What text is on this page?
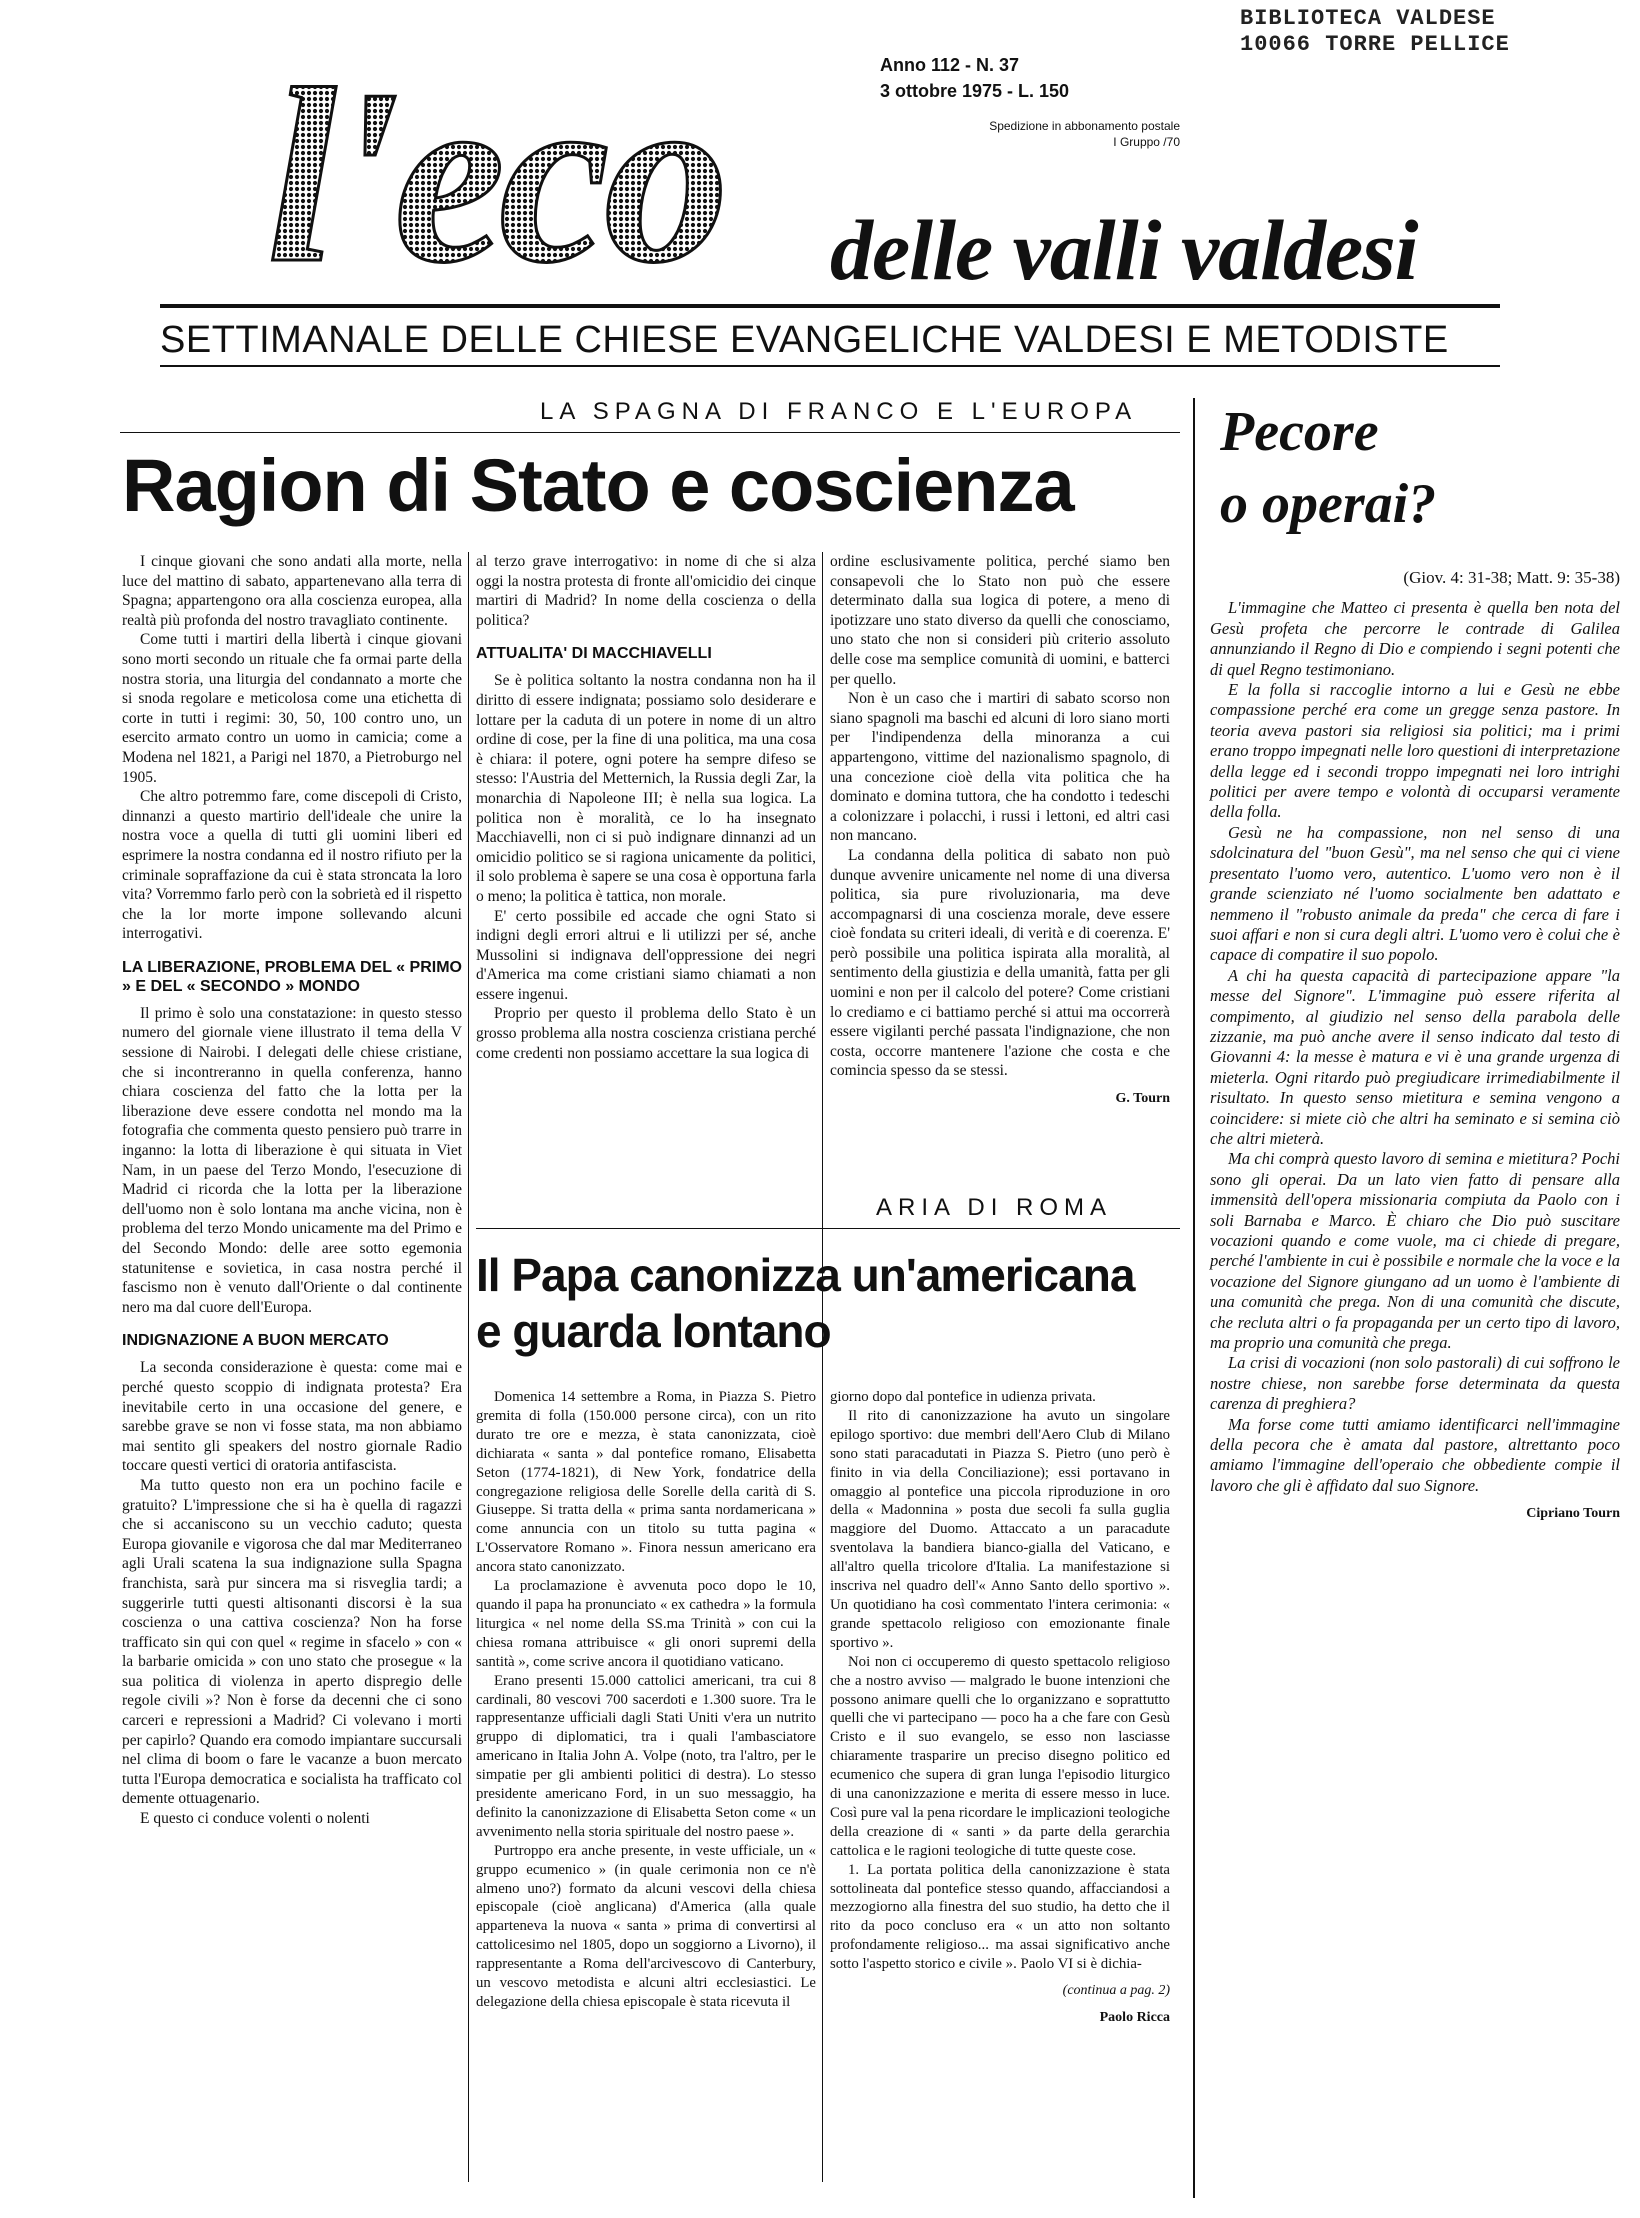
BIBLIOTECA VALDESE
10066 TORRE PELLICE
l'eco	Anno 112 - N. 37
3 ottobre 1975 - L. 150
Spedizione in abbonamento postale
I Gruppo /70
delle valli valdesi
SETTIMANALE DELLE CHIESE EVANGELICHE VALDESI E METODISTE
LA SPAGNA DI FRANCO E L'EUROPA
Ragion di Stato e coscienza

I cinque giovani che sono andati alla morte, nella luce del mattino di sabato, appartenevano alla terra di Spagna; appartengono ora alla coscienza europea, alla realtà più profonda del nostro travagliato continente.

Come tutti i martiri della libertà i cinque giovani sono morti secondo un rituale che fa ormai parte della nostra storia, una liturgia del condannato a morte che si snoda regolare e meticolosa come una etichetta di corte in tutti i regimi: 30, 50, 100 contro uno, un esercito armato contro un uomo in camicia; come a Modena nel 1821, a Parigi nel 1870, a Pietroburgo nel 1905.

Che altro potremmo fare, come discepoli di Cristo, dinnanzi a questo martirio dell'ideale che unire la nostra voce a quella di tutti gli uomini liberi ed esprimere la nostra condanna ed il nostro rifiuto per la criminale sopraffazione da cui è stata stroncata la loro vita? Vorremmo farlo però con la sobrietà ed il rispetto che la lor morte impone sollevando alcuni interrogativi.

LA LIBERAZIONE, PROBLEMA DEL « PRIMO » E DEL « SECONDO » MONDO

Il primo è solo una constatazione: in questo stesso numero del giornale viene illustrato il tema della V sessione di Nairobi. I delegati delle chiese cristiane, che si incontreranno in quella conferenza, hanno chiara coscienza del fatto che la lotta per la liberazione deve essere condotta nel mondo ma la fotografia che commenta questo pensiero può trarre in inganno: la lotta di liberazione è qui situata in Viet Nam, in un paese del Terzo Mondo, l'esecuzione di Madrid ci ricorda che la lotta per la liberazione dell'uomo non è solo lontana ma anche vicina, non è problema del terzo Mondo unicamente ma del Primo e del Secondo Mondo: delle aree sotto egemonia statunitense e sovietica, in casa nostra perché il fascismo non è venuto dall'Oriente o dal continente nero ma dal cuore dell'Europa.

INDIGNAZIONE A BUON MERCATO

La seconda considerazione è questa: come mai e perché questo scoppio di indignata protesta? Era inevitabile certo in una occasione del genere, e sarebbe grave se non vi fosse stata, ma non abbiamo mai sentito gli speakers del nostro giornale Radio toccare questi vertici di oratoria antifascista.

Ma tutto questo non era un pochino facile e gratuito? L'impressione che si ha è quella di ragazzi che si accaniscono su un vecchio caduto; questa Europa giovanile e vigorosa che dal mar Mediterraneo agli Urali scatena la sua indignazione sulla Spagna franchista, sarà pur sincera ma si risveglia tardi; a suggerirle tutti questi altisonanti discorsi è la sua coscienza o una cattiva coscienza? Non ha forse trafficato sin qui con quel « regime in sfacelo » con « la barbarie omicida » con uno stato che prosegue « la sua politica di violenza in aperto dispregio delle regole civili »? Non è forse da decenni che ci sono carceri e repressioni a Madrid? Ci volevano i morti per capirlo? Quando era comodo impiantare succursali nel clima di boom o fare le vacanze a buon mercato tutta l'Europa democratica e socialista ha trafficato col demente ottuagenario.

E questo ci conduce volenti o nolenti

al terzo grave interrogativo: in nome di che si alza oggi la nostra protesta di fronte all'omicidio dei cinque martiri di Madrid? In nome della coscienza o della politica?

ATTUALITA' DI MACCHIAVELLI

Se è politica soltanto la nostra condanna non ha il diritto di essere indignata; possiamo solo desiderare e lottare per la caduta di un potere in nome di un altro ordine di cose, per la fine di una politica, ma una cosa è chiara: il potere, ogni potere ha sempre difeso se stesso: l'Austria del Metternich, la Russia degli Zar, la monarchia di Napoleone III; è nella sua logica. La politica non è moralità, ce lo ha insegnato Macchiavelli, non ci si può indignare dinnanzi ad un omicidio politico se si ragiona unicamente da politici, il solo problema è sapere se una cosa è opportuna farla o meno; la politica è tattica, non morale.

E' certo possibile ed accade che ogni Stato si indigni degli errori altrui e li utilizzi per sé, anche Mussolini si indignava dell'oppressione dei negri d'America ma come cristiani siamo chiamati a non essere ingenui.

Proprio per questo il problema dello Stato è un grosso problema alla nostra coscienza cristiana perché come credenti non possiamo accettare la sua logica di

ordine esclusivamente politica, perché siamo ben consapevoli che lo Stato non può che essere determinato dalla sua logica di potere, a meno di ipotizzare uno stato diverso da quelli che conosciamo, uno stato che non si consideri più criterio assoluto delle cose ma semplice comunità di uomini, e batterci per quello.

Non è un caso che i martiri di sabato scorso non siano spagnoli ma baschi ed alcuni di loro siano morti per l'indipendenza della minoranza a cui appartengono, vittime del nazionalismo spagnolo, di una concezione cioè della vita politica che ha dominato e domina tuttora, che ha condotto i tedeschi a colonizzare i polacchi, i russi i lettoni, ed altri casi non mancano.

La condanna della politica di sabato non può dunque avvenire unicamente nel nome di una diversa politica, sia pure rivoluzionaria, ma deve accompagnarsi di una coscienza morale, deve essere cioè fondata su criteri ideali, di verità e di coerenza. E' però possibile una politica ispirata alla moralità, al sentimento della giustizia e della umanità, fatta per gli uomini e non per il calcolo del potere? Come cristiani lo crediamo e ci battiamo perché si attui ma occorrerà essere vigilanti perché passata l'indignazione, che non costa, occorre mantenere l'azione che costa e che comincia spesso da se stessi.

G. Tourn
ARIA DI ROMA
Il Papa canonizza un'americana
e guarda lontano

Domenica 14 settembre a Roma, in Piazza S. Pietro gremita di folla (150.000 persone circa), con un rito durato tre ore e mezza, è stata canonizzata, cioè dichiarata « santa » dal pontefice romano, Elisabetta Seton (1774-1821), di New York, fondatrice della congregazione religiosa delle Sorelle della carità di S. Giuseppe. Si tratta della « prima santa nordamericana » come annuncia con un titolo su tutta pagina « L'Osservatore Romano ». Finora nessun americano era ancora stato canonizzato.

La proclamazione è avvenuta poco dopo le 10, quando il papa ha pronunciato « ex cathedra » la formula liturgica « nel nome della SS.ma Trinità » con cui la chiesa romana attribuisce « gli onori supremi della santità », come scrive ancora il quotidiano vaticano.

Erano presenti 15.000 cattolici americani, tra cui 8 cardinali, 80 vescovi 700 sacerdoti e 1.300 suore. Tra le rappresentanze ufficiali dagli Stati Uniti v'era un nutrito gruppo di diplomatici, tra i quali l'ambasciatore americano in Italia John A. Volpe (noto, tra l'altro, per le simpatie per gli ambienti politici di destra). Lo stesso presidente americano Ford, in un suo messaggio, ha definito la canonizzazione di Elisabetta Seton come « un avvenimento nella storia spirituale del nostro paese ».

Purtroppo era anche presente, in veste ufficiale, un « gruppo ecumenico » (in quale cerimonia non ce n'è almeno uno?) formato da alcuni vescovi della chiesa episcopale (cioè anglicana) d'America (alla quale apparteneva la nuova « santa » prima di convertirsi al cattolicesimo nel 1805, dopo un soggiorno a Livorno), il rappresentante a Roma dell'arcivescovo di Canterbury, un vescovo metodista e alcuni altri ecclesiastici. Le delegazione della chiesa episcopale è stata ricevuta il

giorno dopo dal pontefice in udienza privata.

Il rito di canonizzazione ha avuto un singolare epilogo sportivo: due membri dell'Aero Club di Milano sono stati paracadutati in Piazza S. Pietro (uno però è finito in via della Conciliazione); essi portavano in omaggio al pontefice una piccola riproduzione in oro della « Madonnina » posta due secoli fa sulla guglia maggiore del Duomo. Attaccato a un paracadute sventolava la bandiera bianco-gialla del Vaticano, e all'altro quella tricolore d'Italia. La manifestazione si inscriva nel quadro dell'« Anno Santo dello sportivo ». Un quotidiano ha così commentato l'intera cerimonia: « grande spettacolo religioso con emozionante finale sportivo ».

Noi non ci occuperemo di questo spettacolo religioso che a nostro avviso — malgrado le buone intenzioni che possono animare quelli che lo organizzano e soprattutto quelli che vi partecipano — poco ha a che fare con Gesù Cristo e il suo evangelo, se esso non lasciasse chiaramente trasparire un preciso disegno politico ed ecumenico che supera di gran lunga l'episodio liturgico di una canonizzazione e merita di essere messo in luce. Così pure val la pena ricordare le implicazioni teologiche della creazione di « santi » da parte della gerarchia cattolica e le ragioni teologiche di tutte queste cose.

1. La portata politica della canonizzazione è stata sottolineata dal pontefice stesso quando, affacciandosi a mezzogiorno alla finestra del suo studio, ha detto che il rito da poco concluso era « un atto non soltanto profondamente religioso... ma assai significativo anche sotto l'aspetto storico e civile ». Paolo VI si è dichia-

(continua a pag. 2)
Paolo Ricca
Pecore
o operai?
(Giov. 4: 31-38; Matt. 9: 35-38)

L'immagine che Matteo ci presenta è quella ben nota del Gesù profeta che percorre le contrade di Galilea annunziando il Regno di Dio e compiendo i segni potenti che di quel Regno testimoniano.

E la folla si raccoglie intorno a lui e Gesù ne ebbe compassione perché era come un gregge senza pastore. In teoria aveva pastori sia religiosi sia politici; ma i primi erano troppo impegnati nelle loro questioni di interpretazione della legge ed i secondi troppo impegnati nei loro intrighi politici per avere tempo e volontà di occuparsi veramente della folla.

Gesù ne ha compassione, non nel senso di una sdolcinatura del "buon Gesù", ma nel senso che qui ci viene presentato l'uomo vero, autentico. L'uomo vero non è il grande scienziato né l'uomo socialmente ben adattato e nemmeno il "robusto animale da preda" che cerca di fare i suoi affari e non si cura degli altri. L'uomo vero è colui che è capace di compatire il suo popolo.

A chi ha questa capacità di partecipazione appare "la messe del Signore". L'immagine può essere riferita al compimento, al giudizio nel senso della parabola delle zizzanie, ma può anche avere il senso indicato dal testo di Giovanni 4: la messe è matura e vi è una grande urgenza di mieterla. Ogni ritardo può pregiudicare irrimediabilmente il risultato. In questo senso mietitura e semina vengono a coincidere: si miete ciò che altri ha seminato e si semina ciò che altri mieterà.

Ma chi comprà questo lavoro di semina e mietitura? Pochi sono gli operai. Da un lato vien fatto di pensare alla immensità dell'opera missionaria compiuta da Paolo con i soli Barnaba e Marco. È chiaro che Dio può suscitare vocazioni quando e come vuole, ma ci chiede di pregare, perché l'ambiente in cui è possibile e normale che la voce e la vocazione del Signore giungano ad un uomo è l'ambiente di una comunità che prega. Non di una comunità che discute, che recluta altri o fa propaganda per un certo tipo di lavoro, ma proprio una comunità che prega.

La crisi di vocazioni (non solo pastorali) di cui soffrono le nostre chiese, non sarebbe forse determinata da questa carenza di preghiera?

Ma forse come tutti amiamo identificarci nell'immagine della pecora che è amata dal pastore, altrettanto poco amiamo l'immagine dell'operaio che obbediente compie il lavoro che gli è affidato dal suo Signore.

Cipriano Tourn
